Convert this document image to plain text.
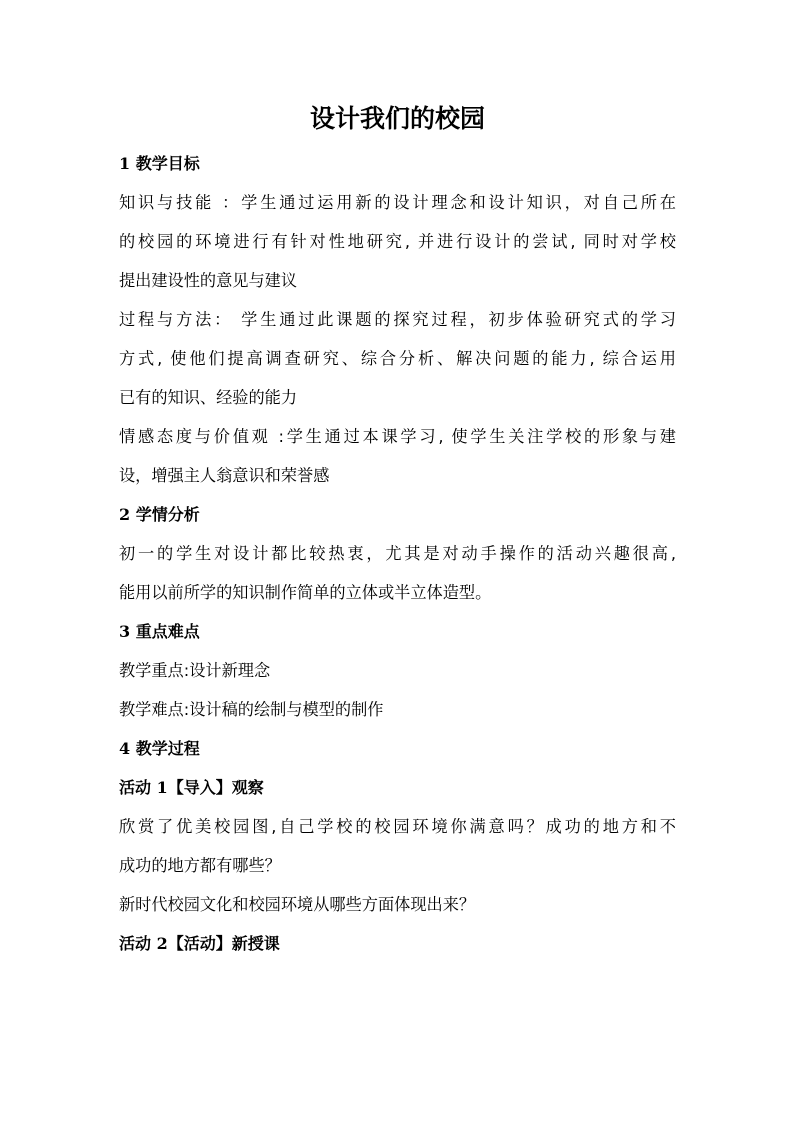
设计我们的校园

1 教学目标

知识与技能 ：学生通过运用新的设计理念和设计知识，对自己所在

的校园的环境进行有针对性地研究, 并进行设计的尝试, 同时对学校

提出建设性的意见与建议

过程与方法： 学生通过此课题的探究过程，初步体验研究式的学习

方式, 使他们提高调查研究、综合分析、解决问题的能力, 综合运用

已有的知识、经验的能力

情感态度与价值观 :学生通过本课学习, 使学生关注学校的形象与建

设，增强主人翁意识和荣誉感

2 学情分析

初一的学生对设计都比较热衷，尤其是对动手操作的活动兴趣很高,

能用以前所学的知识制作简单的立体或半立体造型。

3 重点难点

教学重点:设计新理念

教学难点:设计稿的绘制与模型的制作

4 教学过程

活动 1【导入】观察

欣赏了优美校园图,自己学校的校园环境你满意吗？成功的地方和不

成功的地方都有哪些？

新时代校园文化和校园环境从哪些方面体现出来？

活动 2【活动】新授课
